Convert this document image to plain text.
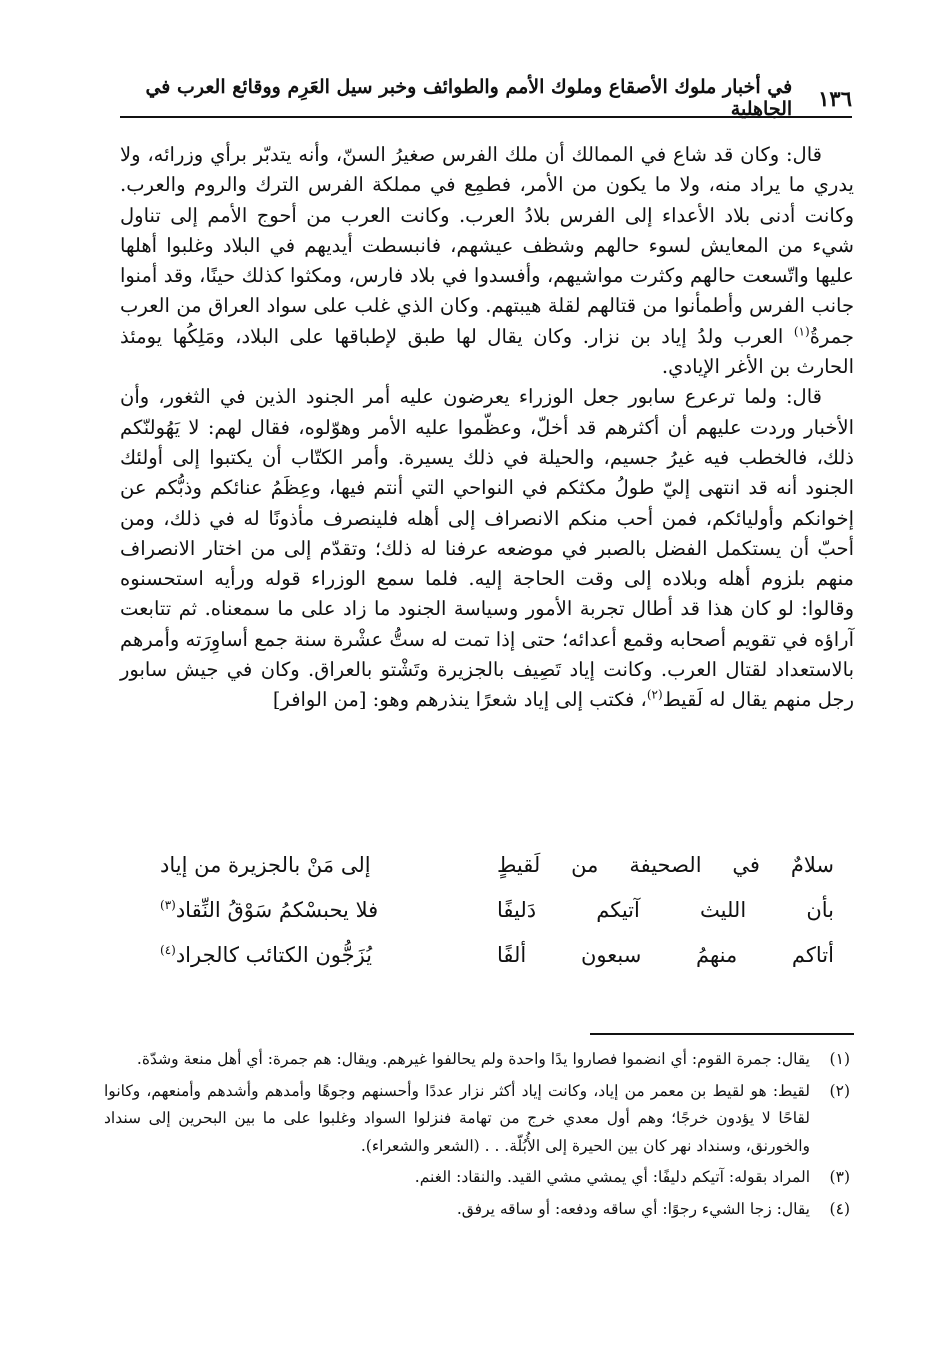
١٣٦
في أخبار ملوك الأصقاع وملوك الأمم والطوائف وخبر سيل العَرِم ووقائع العرب في الجاهلية

قال: وكان قد شاع في الممالك أن ملك الفرس صغيرُ السنّ، وأنه يتدبّر برأي وزرائه، ولا يدري ما يراد منه، ولا ما يكون من الأمر، فطمِع في مملكة الفرس الترك والروم والعرب. وكانت أدنى بلاد الأعداء إلى الفرس بلادُ العرب. وكانت العرب من أحوج الأمم إلى تناول شيء من المعايش لسوء حالهم وشظف عيشهم، فانبسطت أيديهم في البلاد وغلبوا أهلها عليها واتّسعت حالهم وكثرت مواشيهم، وأفسدوا في بلاد فارس، ومكثوا كذلك حينًا، وقد أمنوا جانب الفرس وأطمأنوا من قتالهم لقلة هيبتهم. وكان الذي غلب على سواد العراق من العرب جمرةُ$^{(١)}$ العرب ولدُ إياد بن نزار. وكان يقال لها طبق لإطباقها على البلاد، ومَلِكُها يومئذ الحارث بن الأغر الإيادي.

قال: ولما ترعرع سابور جعل الوزراء يعرضون عليه أمر الجنود الذين في الثغور، وأن الأخبار وردت عليهم أن أكثرهم قد أخلّ، وعظّموا عليه الأمر وهوّلوه، فقال لهم: لا يَهُولنّكم ذلك، فالخطب فيه غيرُ جسيم، والحيلة في ذلك يسيرة. وأمر الكتّاب أن يكتبوا إلى أولئك الجنود أنه قد انتهى إليّ طولُ مكثكم في النواحي التي أنتم فيها، وعِظَمُ عنائكم وذبُّكم عن إخوانكم وأوليائكم، فمن أحب منكم الانصراف إلى أهله فلينصرف مأذونًا له في ذلك، ومن أحبّ أن يستكمل الفضل بالصبر في موضعه عرفنا له ذلك؛ وتقدّم إلى من اختار الانصراف منهم بلزوم أهله وبلاده إلى وقت الحاجة إليه. فلما سمع الوزراء قوله ورأيه استحسنوه وقالوا: لو كان هذا قد أطال تجربة الأمور وسياسة الجنود ما زاد على ما سمعناه. ثم تتابعت آراؤه في تقويم أصحابه وقمع أعدائه؛ حتى إذا تمت له ستُّ عشْرة سنة جمع أساوِرَته وأمرهم بالاستعداد لقتال العرب. وكانت إياد تَصِيف بالجزيرة وتَشْتو بالعراق. وكان في جيش سابور رجل منهم يقال له لَقيط$^{(٢)}$، فكتب إلى إياد شعرًا ينذرهم وهو: [من الوافر]

سلامٌ في الصحيفة من لَقيطٍ
إلى مَنْ بالجزيرة من إياد
بأن الليث آتيكم دَليفًا
فلا يحبسْكمُ سَوْقُ النِّقاد$^{(٣)}$
أتاكم منهمُ سبعون ألفًا
يُزَجُّون الكتائب كالجراد$^{(٤)}$
(١)
يقال: جمرة القوم: أي انضموا فصاروا يدًا واحدة ولم يحالفوا غيرهم. ويقال: هم جمرة: أي أهل منعة وشدّة.
(٢)
لقيط: هو لقيط بن معمر من إياد، وكانت إياد أكثر نزار عددًا وأحسنهم وجوهًا وأمدهم وأشدهم وأمنعهم، وكانوا لقاحًا لا يؤدون خرجًا؛ وهم أول معدي خرج من تهامة فنزلوا السواد وغلبوا على ما بين البحرين إلى سنداد والخورنق، وسنداد نهر كان بين الحيرة إلى الأُبُلّة. . . (الشعر والشعراء).
(٣)
المراد بقوله: آتيكم دليفًا: أي يمشي مشي القيد. والنقاد: الغنم.
(٤)
يقال: زجا الشيء رجوًا: أي ساقه ودفعه: أو ساقه يرفق.
